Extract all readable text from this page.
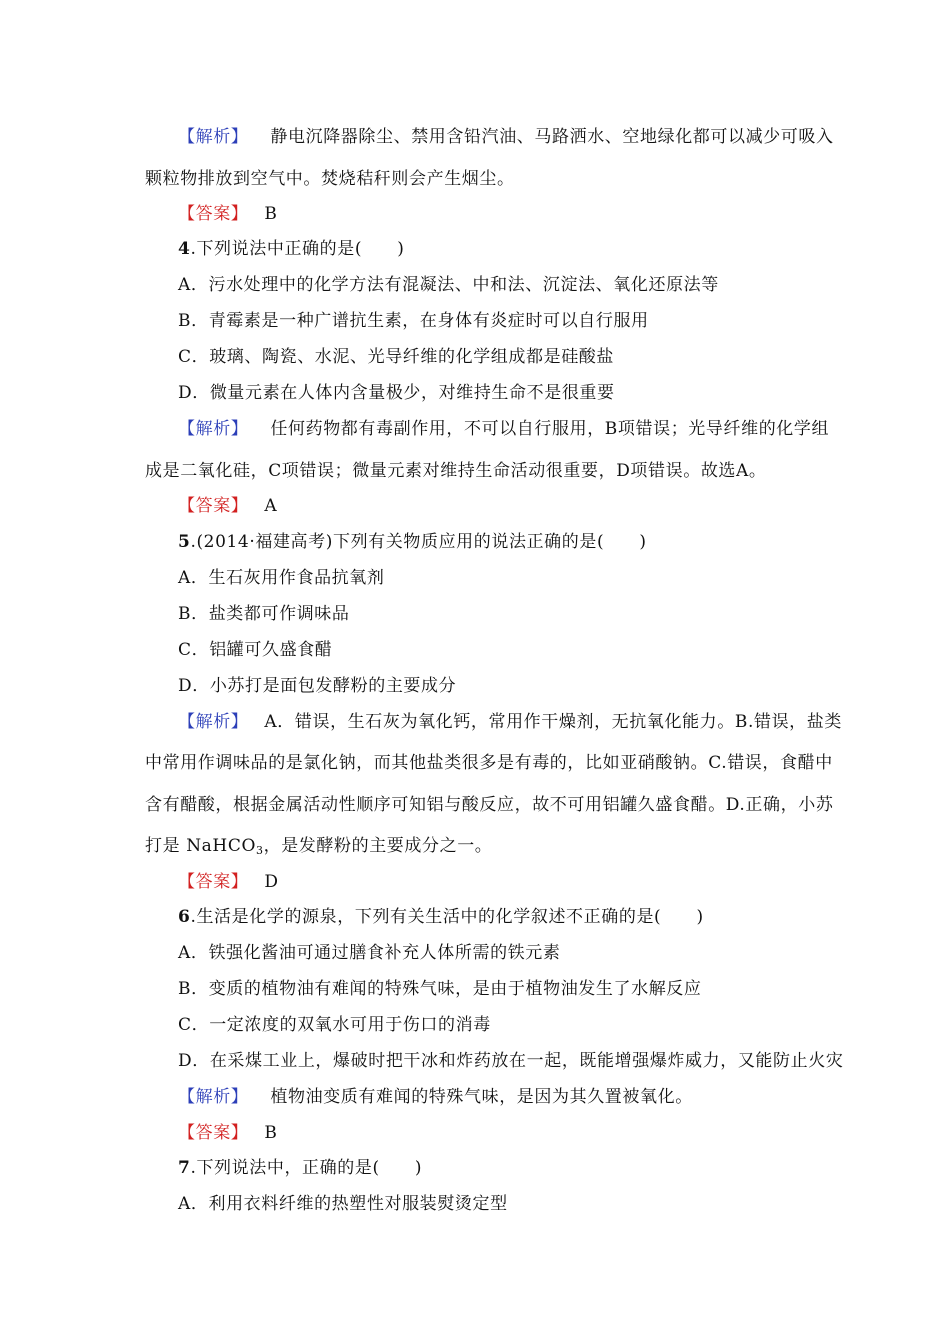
【解析】 静电沉降器除尘、禁用含铅汽油、马路洒水、空地绿化都可以减少可吸入
颗粒物排放到空气中。焚烧秸秆则会产生烟尘。
【答案】 B
4.下列说法中正确的是(　　)
A．污水处理中的化学方法有混凝法、中和法、沉淀法、氧化还原法等
B．青霉素是一种广谱抗生素，在身体有炎症时可以自行服用
C．玻璃、陶瓷、水泥、光导纤维的化学组成都是硅酸盐
D．微量元素在人体内含量极少，对维持生命不是很重要
【解析】 任何药物都有毒副作用，不可以自行服用，B项错误；光导纤维的化学组
成是二氧化硅，C项错误；微量元素对维持生命活动很重要，D项错误。故选A。
【答案】 A
5.(2014·福建高考)下列有关物质应用的说法正确的是(　　)
A．生石灰用作食品抗氧剂
B．盐类都可作调味品
C．铝罐可久盛食醋
D．小苏打是面包发酵粉的主要成分
【解析】 A．错误，生石灰为氧化钙，常用作干燥剂，无抗氧化能力。B.错误，盐类
中常用作调味品的是氯化钠，而其他盐类很多是有毒的，比如亚硝酸钠。C.错误，食醋中
含有醋酸，根据金属活动性顺序可知铝与酸反应，故不可用铝罐久盛食醋。D.正确，小苏
打是 NaHCO$_3$，是发酵粉的主要成分之一。
【答案】 D
6.生活是化学的源泉，下列有关生活中的化学叙述不正确的是(　　)
A．铁强化酱油可通过膳食补充人体所需的铁元素
B．变质的植物油有难闻的特殊气味，是由于植物油发生了水解反应
C．一定浓度的双氧水可用于伤口的消毒
D．在采煤工业上，爆破时把干冰和炸药放在一起，既能增强爆炸威力，又能防止火灾
【解析】 植物油变质有难闻的特殊气味，是因为其久置被氧化。
【答案】 B
7.下列说法中，正确的是(　　)
A．利用衣料纤维的热塑性对服装熨烫定型
